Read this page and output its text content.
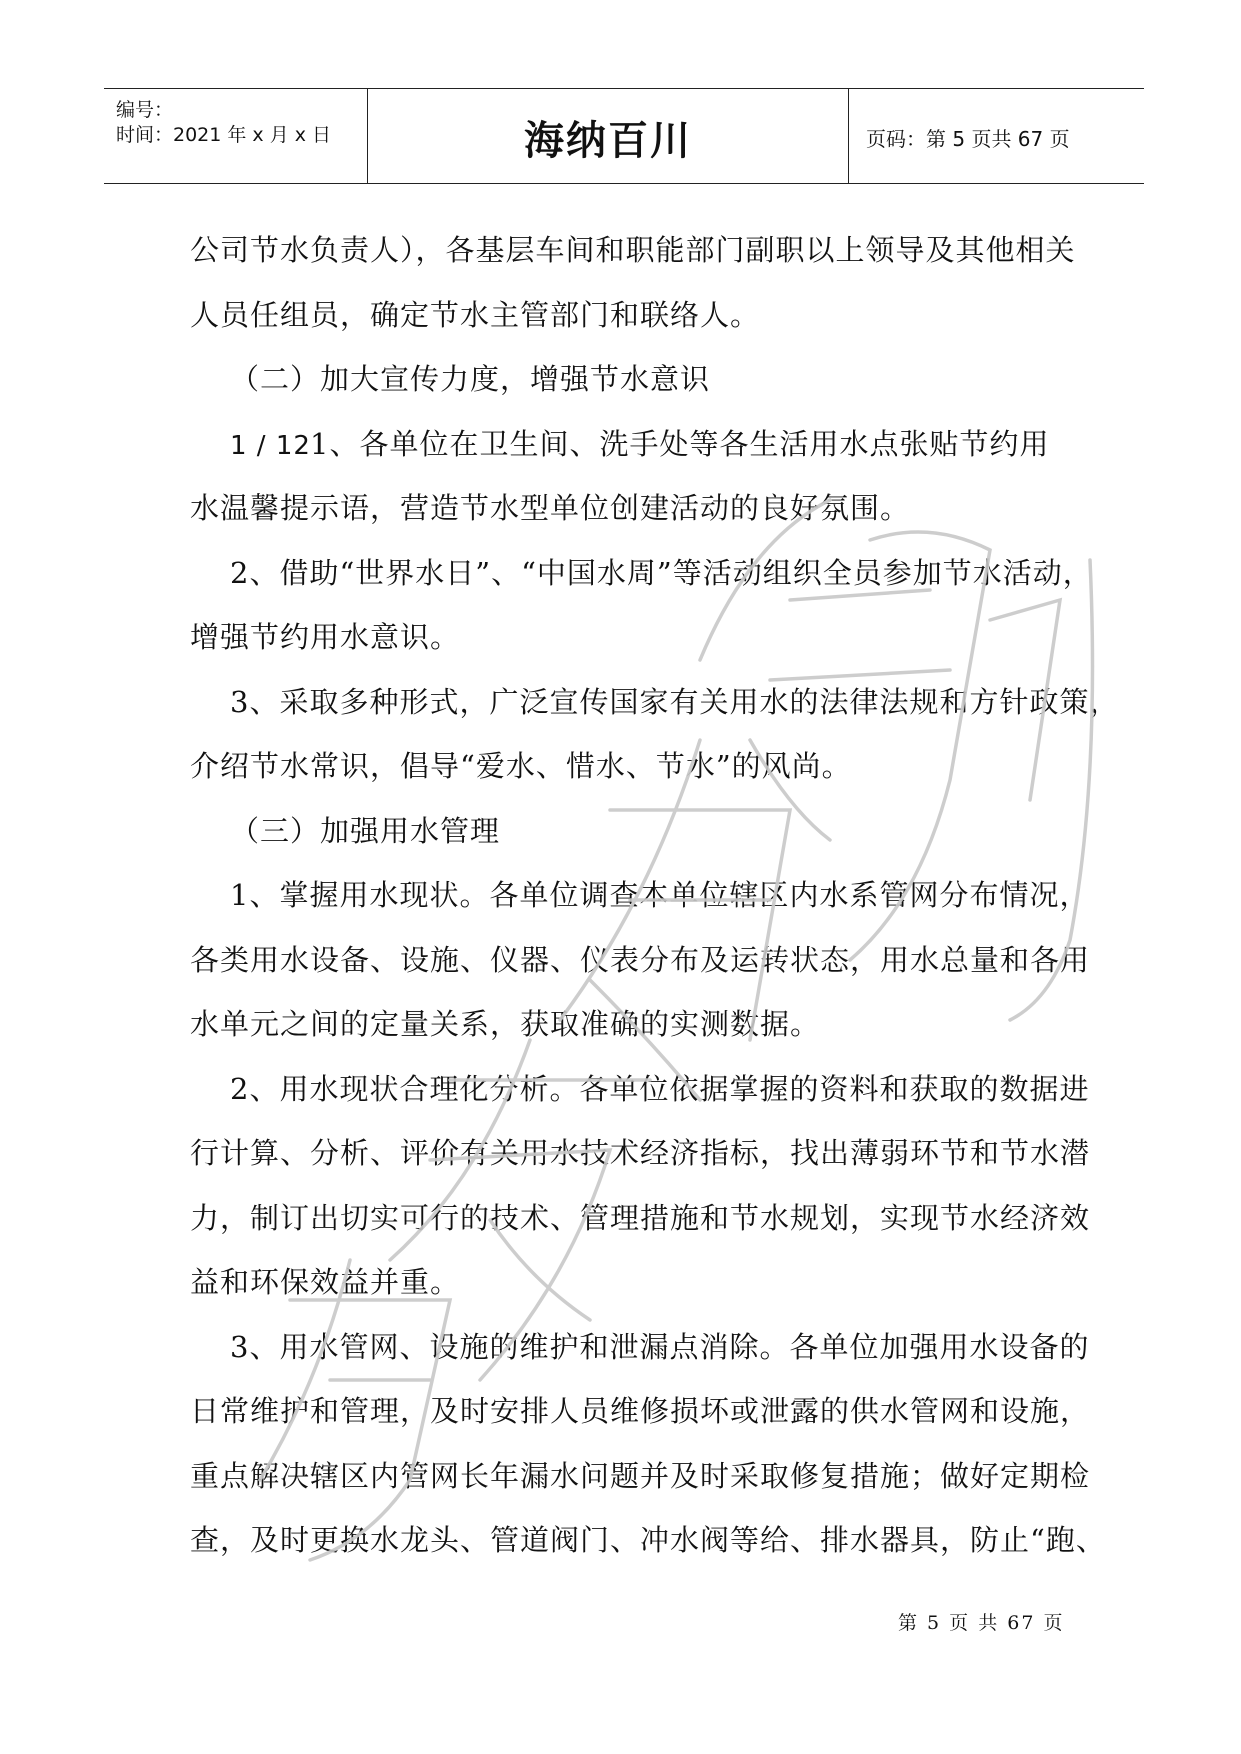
编号：
时间：2021 年 x 月 x 日	海纳百川	页码：第 5 页共 67 页
公司节水负责人），各基层车间和职能部门副职以上领导及其他相关
人员任组员，确定节水主管部门和联络人。
（二）加大宣传力度，增强节水意识
1 / 121、各单位在卫生间、洗手处等各生活用水点张贴节约用
水温馨提示语，营造节水型单位创建活动的良好氛围。
2、借助“世界水日”、“中国水周”等活动组织全员参加节水活动，
增强节约用水意识。
3、采取多种形式，广泛宣传国家有关用水的法律法规和方针政策，
介绍节水常识，倡导“爱水、惜水、节水”的风尚。
（三）加强用水管理
1、掌握用水现状。各单位调查本单位辖区内水系管网分布情况，
各类用水设备、设施、仪器、仪表分布及运转状态，用水总量和各用
水单元之间的定量关系，获取准确的实测数据。
2、用水现状合理化分析。各单位依据掌握的资料和获取的数据进
行计算、分析、评价有关用水技术经济指标，找出薄弱环节和节水潜
力，制订出切实可行的技术、管理措施和节水规划，实现节水经济效
益和环保效益并重。
3、用水管网、设施的维护和泄漏点消除。各单位加强用水设备的
日常维护和管理，及时安排人员维修损坏或泄露的供水管网和设施，
重点解决辖区内管网长年漏水问题并及时采取修复措施；做好定期检
查，及时更换水龙头、管道阀门、冲水阀等给、排水器具，防止“跑、
第 5 页 共 67 页
